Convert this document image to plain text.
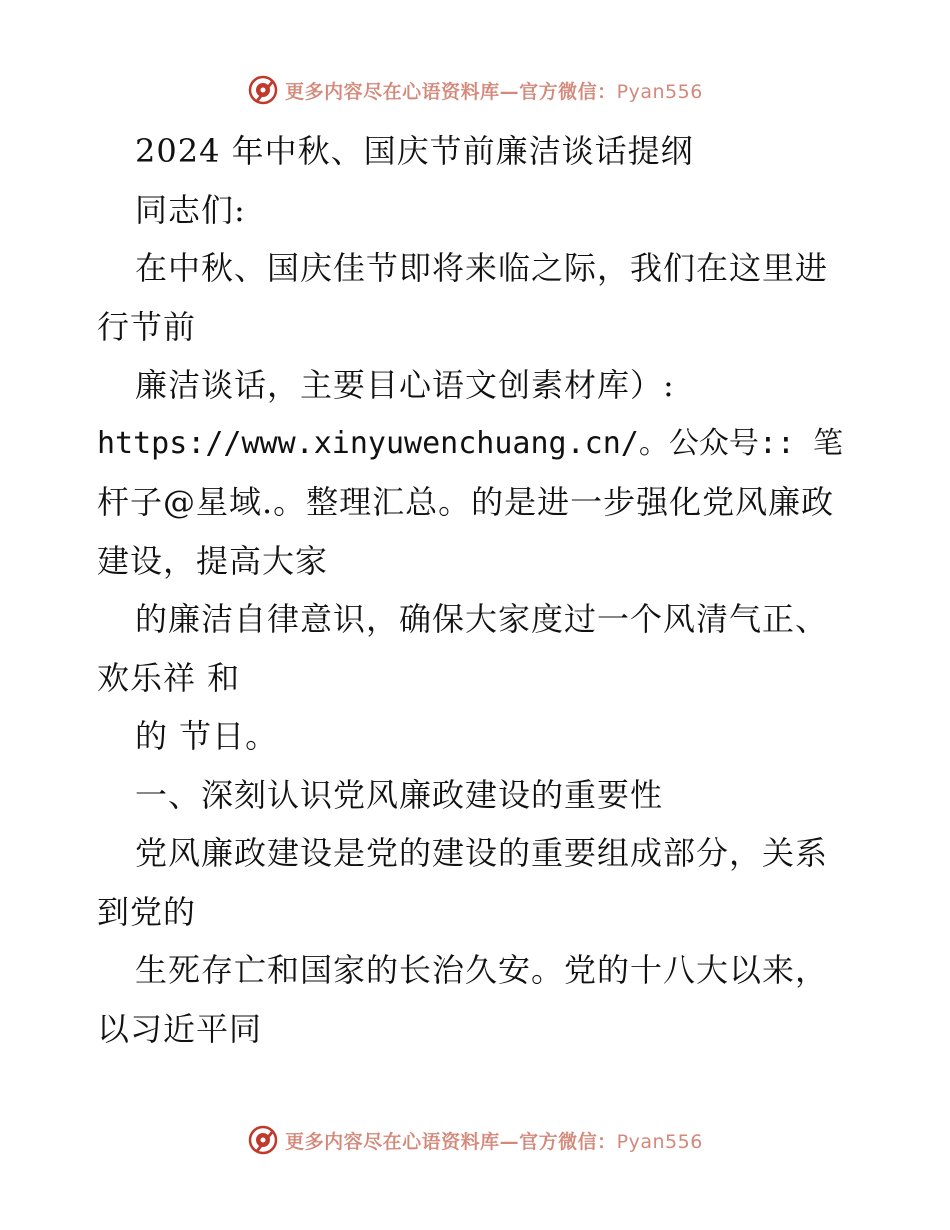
更多内容尽在心语资料库—官方微信：Pyan556
2024 年中秋、国庆节前廉洁谈话提纲
同志们:
在中秋、国庆佳节即将来临之际，我们在这里进
行节前
廉洁谈话，主要目心语文创素材库）:
https://www.xinyuwenchuang.cn/。公众号:: 笔
杆子@星域.。整理汇总。的是进一步强化党风廉政
建设，提高大家
的廉洁自律意识，确保大家度过一个风清气正、
欢乐祥 和
的 节日。
一、深刻认识党风廉政建设的重要性
党风廉政建设是党的建设的重要组成部分，关系
到党的
生死存亡和国家的长治久安。党的十八大以来，
以习近平同
更多内容尽在心语资料库—官方微信：Pyan556
